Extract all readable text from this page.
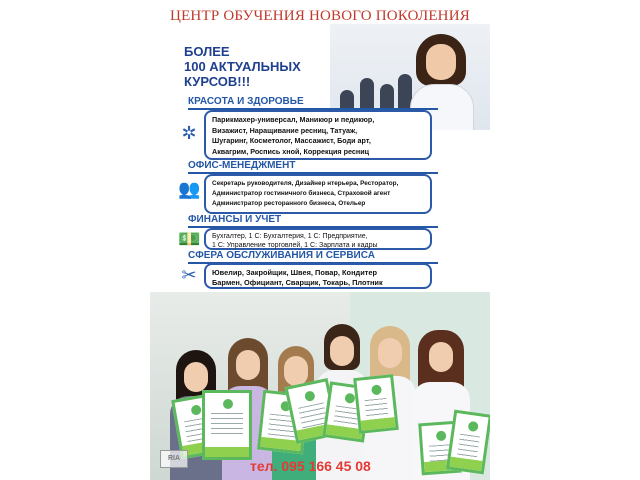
ЦЕНТР ОБУЧЕНИЯ НОВОГО ПОКОЛЕНИЯ
БОЛЕЕ
100 АКТУАЛЬНЫХ
КУРСОВ!!!
КРАСОТА И ЗДОРОВЬЕ
✲
Парикмахер-универсал, Маникюр и педикюр,
Визажист, Наращивание ресниц, Татуаж,
Шугаринг, Косметолог, Массажист, Боди арт,
Аквагрим, Роспись хной, Коррекция ресниц
ОФИС-МЕНЕДЖМЕНТ
👥 Секретарь руководителя, Дизайнер нтерьера, Ресторатор,
Администратор гостиничного бизнеса, Страховой агент
Администратор ресторанного бизнеса, Отельер
ФИНАНСЫ И УЧЕТ
💵 Бухгалтер, 1 С: Бухгалтерия, 1 С: Предприятие,
1 С: Управление торговлей, 1 С: Зарплата и кадры
СФЕРА ОБСЛУЖИВАНИЯ И СЕРВИСА
✂	Ювелир, Закройщик, Швея, Повар, Кондитер
Бармен, Официант, Сварщик, Токарь, Плотник
RIA	тел. 095 166 45 08
